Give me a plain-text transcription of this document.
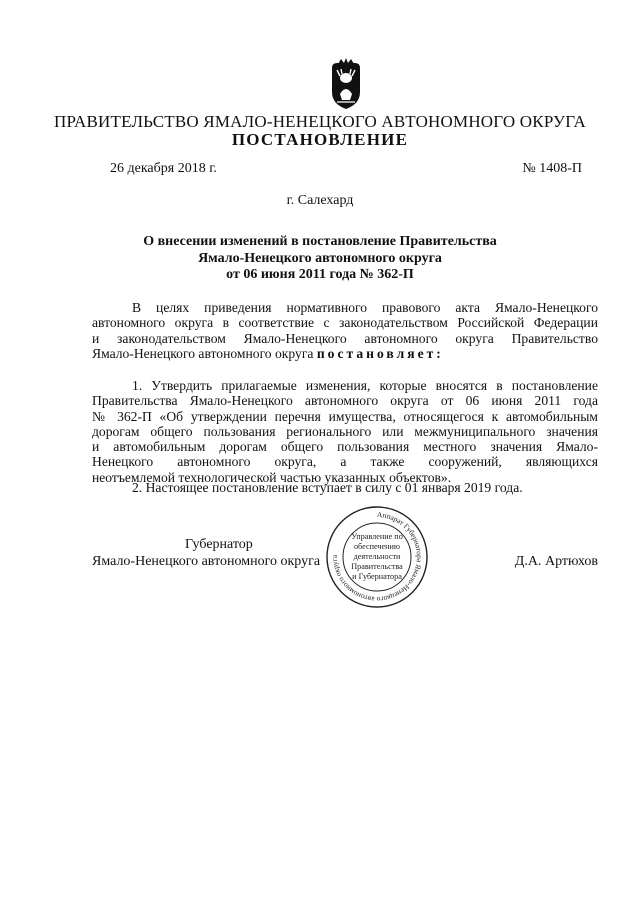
ПРАВИТЕЛЬСТВО ЯМАЛО-НЕНЕЦКОГО АВТОНОМНОГО ОКРУГА
ПОСТАНОВЛЕНИЕ
26 декабря 2018 г.	№ 1408-П
г. Салехард
О внесении изменений в постановление Правительства
Ямало-Ненецкого автономного округа
от 06 июня 2011 года № 362-П
В целях приведения нормативного правового акта Ямало-Ненецкого
автономного округа в соответствие с законодательством Российской Федерации
и законодательством Ямало-Ненецкого автономного округа Правительство
Ямало-Ненецкого автономного округа постановляет:
1. Утвердить прилагаемые изменения, которые вносятся в постановление
Правительства Ямало-Ненецкого автономного округа от 06 июня 2011 года
№ 362-П «Об утверждении перечня имущества, относящегося к автомобильным
дорогам общего пользования регионального или межмуниципального значения
и автомобильным дорогам общего пользования местного значения Ямало-
Ненецкого автономного округа, а также сооружений, являющихся
неотъемлемой технологической частью указанных объектов».
2. Настоящее постановление вступает в силу с 01 января 2019 года.
Аппарат Губернатора Ямало-Ненецкого автономного округа
Управление по
обеспечению
деятельности
Правительства
и Губернатора
Губернатор
Ямало-Ненецкого автономного округа	Д.А. Артюхов
